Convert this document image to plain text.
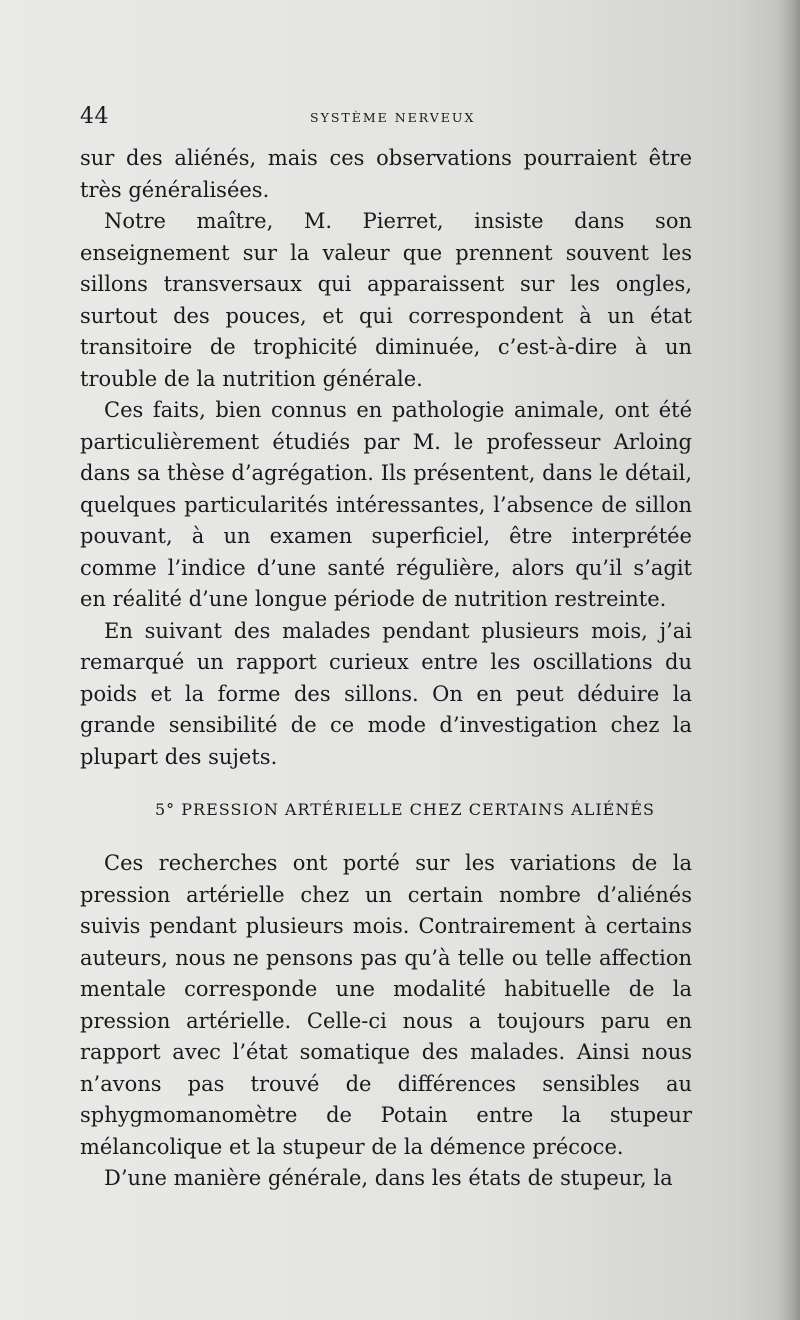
44	SYSTÈME NERVEUX

sur des aliénés, mais ces observations pourraient être très généralisées.

Notre maître, M. Pierret, insiste dans son enseignement sur la valeur que prennent souvent les sillons transversaux qui apparaissent sur les ongles, surtout des pouces, et qui correspondent à un état transitoire de trophicité diminuée, c’est-à-dire à un trouble de la nutrition générale.

Ces faits, bien connus en pathologie animale, ont été particulièrement étudiés par M. le professeur Arloing dans sa thèse d’agrégation. Ils présentent, dans le détail, quelques particularités intéressantes, l’absence de sillon pouvant, à un examen superficiel, être interprétée comme l’indice d’une santé régulière, alors qu’il s’agit en réalité d’une longue période de nutrition restreinte.

En suivant des malades pendant plusieurs mois, j’ai remarqué un rapport curieux entre les oscillations du poids et la forme des sillons. On en peut déduire la grande sensibilité de ce mode d’investigation chez la plupart des sujets.

5° PRESSION ARTÉRIELLE CHEZ CERTAINS ALIÉNÉS

Ces recherches ont porté sur les variations de la pression artérielle chez un certain nombre d’aliénés suivis pendant plusieurs mois. Contrairement à certains auteurs, nous ne pensons pas qu’à telle ou telle affection mentale corresponde une modalité habituelle de la pression artérielle. Celle-ci nous a toujours paru en rapport avec l’état somatique des malades. Ainsi nous n’avons pas trouvé de différences sensibles au sphygmomanomètre de Potain entre la stupeur mélancolique et la stupeur de la démence précoce.

D’une manière générale, dans les états de stupeur, la
